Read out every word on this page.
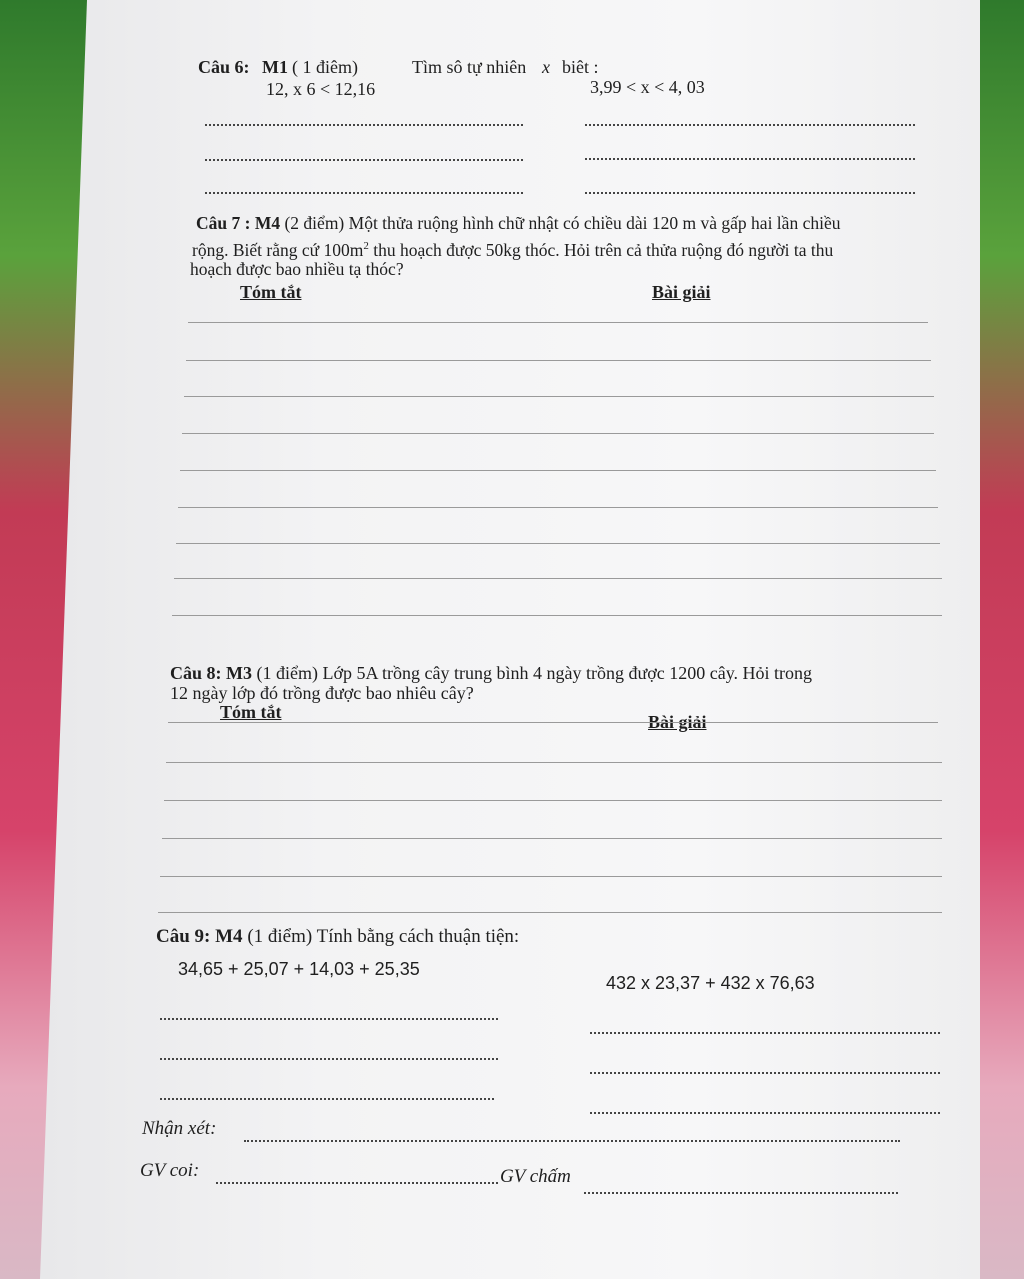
Câu 6: M1 ( 1 điêm)	Tìm sô tự nhiên x biêt :
12, x 6 < 12,16	3,99 < x < 4, 03
Câu 7 : M4 (2 điểm) Một thửa ruộng hình chữ nhật có chiều dài 120 m và gấp hai lần chiều
rộng. Biết rằng cứ $100m^2$ thu hoạch được 50kg thóc. Hỏi trên cả thửa ruộng đó người ta thu
hoạch được bao nhiều tạ thóc?
Tóm tắt	Bài giải
Câu 8: M3 (1 điểm) Lớp 5A trồng cây trung bình 4 ngày trồng được 1200 cây. Hỏi trong
12 ngày lớp đó trồng được bao nhiêu cây?
Tóm tắt	Bài giải
Câu 9: M4 (1 điểm) Tính bằng cách thuận tiện:
34,65 + 25,07 + 14,03 + 25,35
432 x 23,37 + 432 x 76,63
Nhận xét:
GV coi:	GV chấm
